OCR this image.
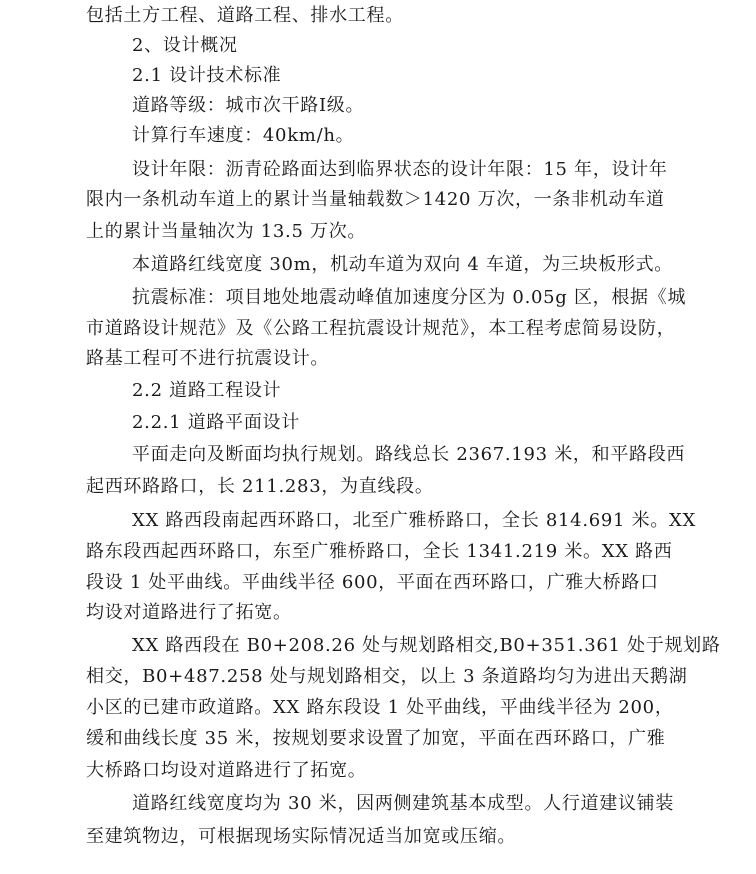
包括土方工程、道路工程、排水工程。
2、设计概况
2.1 设计技术标准
道路等级：城市次干路Ⅰ级。
计算行车速度：40km/h。
设计年限：沥青砼路面达到临界状态的设计年限：15 年，设计年
限内一条机动车道上的累计当量轴载数＞1420 万次，一条非机动车道
上的累计当量轴次为 13.5 万次。
本道路红线宽度 30m，机动车道为双向 4 车道，为三块板形式。
抗震标准：项目地处地震动峰值加速度分区为 0.05g 区，根据《城
市道路设计规范》及《公路工程抗震设计规范》，本工程考虑简易设防，
路基工程可不进行抗震设计。
2.2 道路工程设计
2.2.1 道路平面设计
平面走向及断面均执行规划。路线总长 2367.193 米，和平路段西
起西环路路口，长 211.283，为直线段。
XX 路西段南起西环路口，北至广雅桥路口，全长 814.691 米。XX
路东段西起西环路口，东至广雅桥路口，全长 1341.219 米。XX 路西
段设 1 处平曲线。平曲线半径 600，平面在西环路口，广雅大桥路口
均设对道路进行了拓宽。
XX 路西段在 B0+208.26 处与规划路相交,B0+351.361 处于规划路
相交，B0+487.258 处与规划路相交，以上 3 条道路均匀为进出天鹅湖
小区的已建市政道路。XX 路东段设 1 处平曲线，平曲线半径为 200，
缓和曲线长度 35 米，按规划要求设置了加宽，平面在西环路口，广雅
大桥路口均设对道路进行了拓宽。
道路红线宽度均为 30 米，因两侧建筑基本成型。人行道建议铺装
至建筑物边，可根据现场实际情况适当加宽或压缩。
